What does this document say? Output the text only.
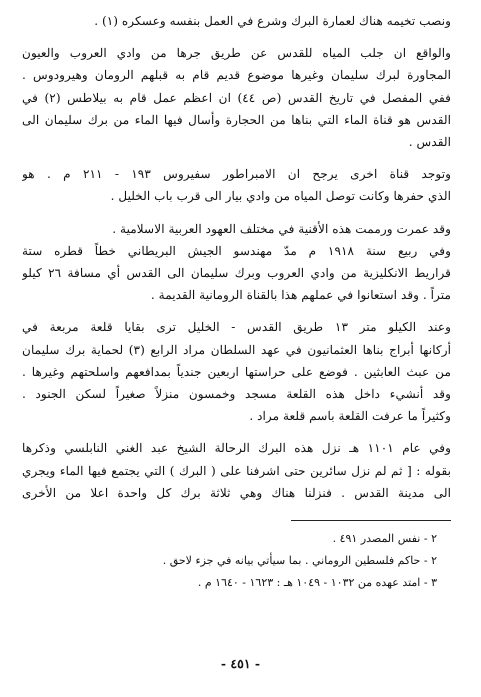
ونصب تخيمه هناك لعمارة البرك وشرع في العمل بنفسه وعسكره (١) .
والواقع ان جلب المياه للقدس عن طريق جرها من وادي العروب والعيون
المجاورة لبرك سليمان وغيرها موضوع قديم قام به قبلهم الرومان وهيرودوس .
ففي المفصل في تاريخ القدس (ص ٤٤) ان اعظم عمل قام به بيلاطس (٢) في
القدس هو قناة الماء التي بناها من الحجارة وأسال فيها الماء من برك سليمان الى
القدس .
وتوجد قناة اخرى يرجح ان الامبراطور سفيروس ١٩٣ - ٢١١ م . هو
الذي حفرها وكانت توصل المياه من وادي بيار الى قرب باب الخليل .
وقد عمرت ورممت هذه الأقنية في مختلف العهود العربية الاسلامية .
وفي ربيع سنة ١٩١٨ م مدّ مهندسو الجيش البريطاني خطاً قطره ستة
قراريط الانكليزية من وادي العروب وبرك سليمان الى القدس أي مسافة ٢٦ كيلو
متراً . وقد استعانوا في عملهم هذا بالقناة الرومانية القديمة .
وعند الكيلو متر ١٣ طريق القدس - الخليل ترى بقايا قلعة مربعة في
أركانها أبراج بناها العثمانيون في عهد السلطان مراد الرابع (٣) لحماية برك سليمان
من عبث العابثين . فوضع على حراستها اربعين جندياً بمدافعهم واسلحتهم وغيرها .
وقد أنشيء داخل هذه القلعة مسجد وخمسون منزلاً صغيراً لسكن الجنود .
وكثيراً ما عرفت القلعة باسم قلعة مراد .
وفي عام ١١٠١ هـ نزل هذه البرك الرحالة الشيخ عبد الغني النابلسي وذكرها
بقوله : [ ثم لم نزل سائرين حتى اشرفنا على ( البرك ) التي يجتمع فيها الماء ويجري
الى مدينة القدس . فنزلنا هناك وهي ثلاثة برك كل واحدة اعلا من الأخرى
٢ - نفس المصدر ٤٩١ .
٢ - حاكم فلسطين الروماني . بما سيأتي بيانه في جزء لاحق .
٣ - امتد عهده من ١٠٣٢ - ١٠٤٩ هـ : ١٦٢٣ - ١٦٤٠ م .
- ٤٥١ -
